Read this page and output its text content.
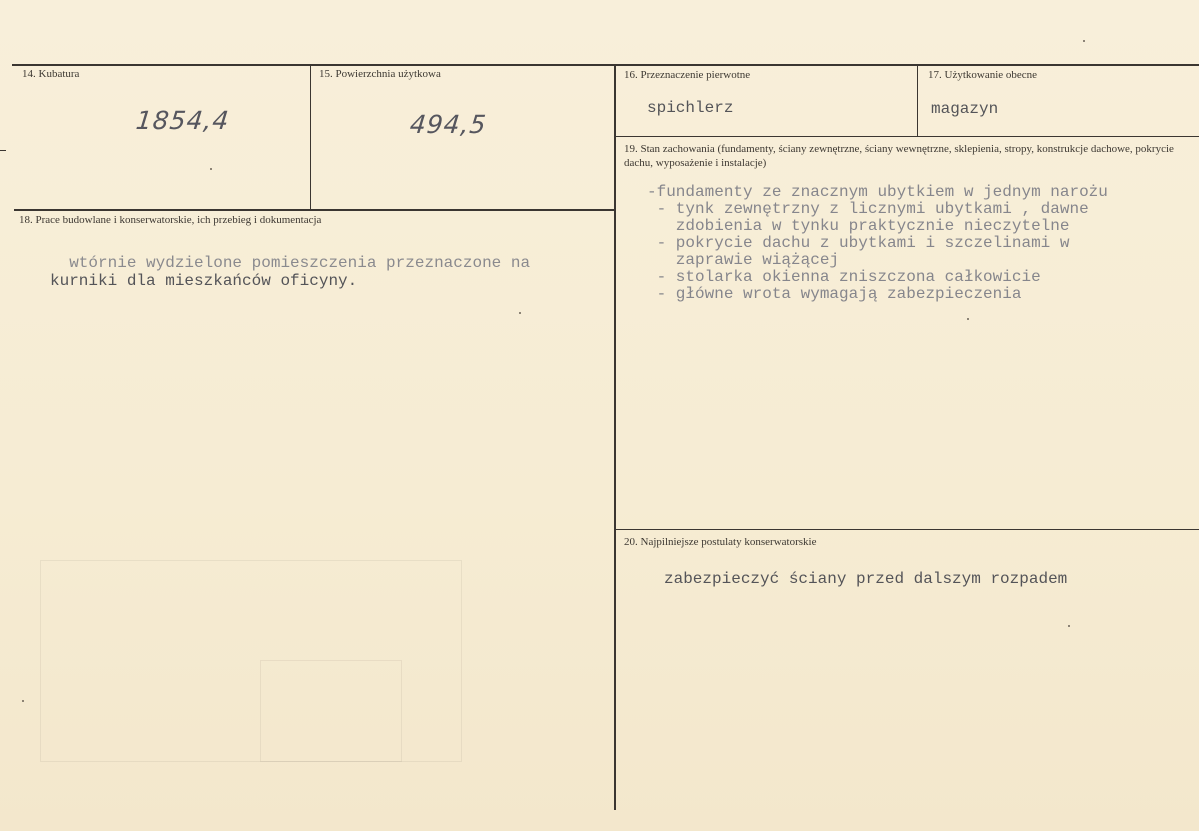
14. Kubatura
1854,4
15. Powierzchnia użytkowa
494,5
16. Przeznaczenie pierwotne
spichlerz
17. Użytkowanie obecne
magazyn
18. Prace budowlane i konserwatorskie, ich przebieg i dokumentacja
wtórnie wydzielone pomieszczenia przeznaczone na
kurniki dla mieszkańców oficyny.
19. Stan zachowania (fundamenty, ściany zewnętrzne, ściany wewnętrzne, sklepienia, stropy, konstrukcje dachowe, pokrycie dachu, wyposażenie i instalacje)
-fundamenty ze znacznym ubytkiem w jednym narożu
- tynk zewnętrzny z licznymi ubytkami , dawne
zdobienia w tynku praktycznie nieczytelne
- pokrycie dachu z ubytkami i szczelinami w
zaprawie wiążącej
- stolarka okienna zniszczona całkowicie
- główne wrota wymagają zabezpieczenia
20. Najpilniejsze postulaty konserwatorskie
zabezpieczyć ściany przed dalszym rozpadem
